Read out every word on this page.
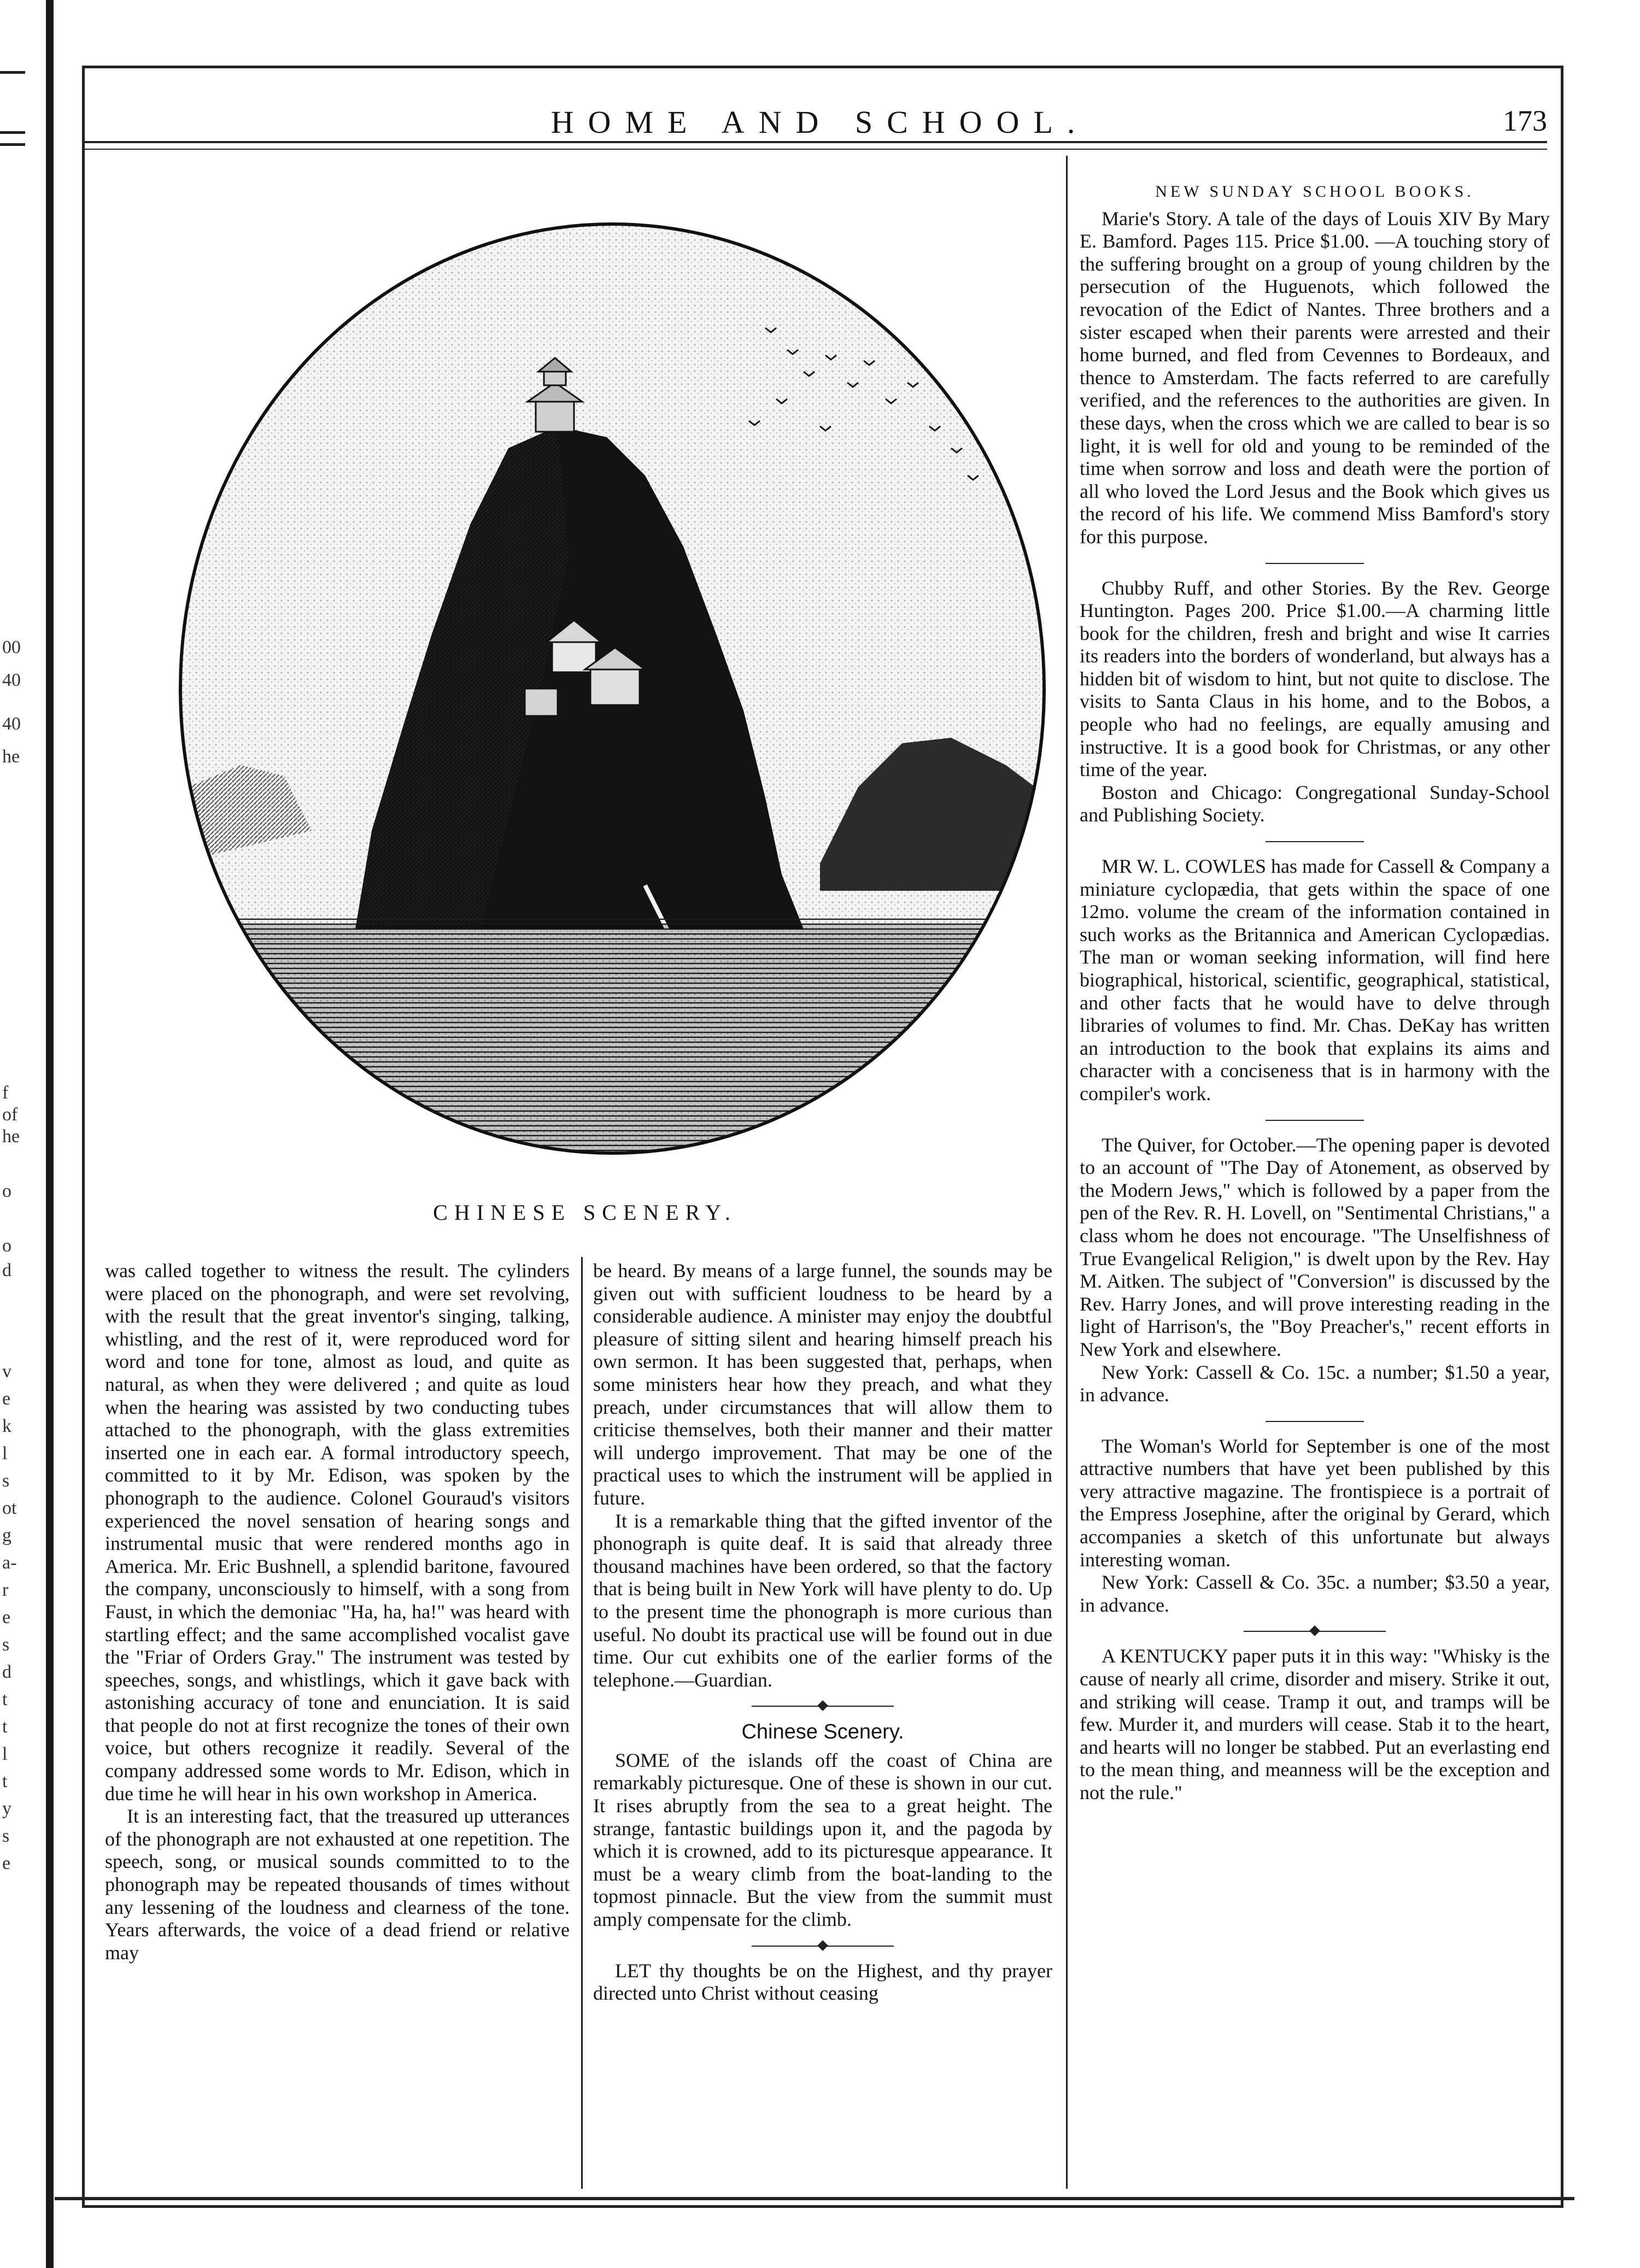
00
40
40
he
f
of
he
o
o
d
v
e
k
l
s
ot
g
a-
r
e
s
d
t
t
l
t
y
s
e
HOME AND SCHOOL.	173
CHINESE SCENERY.

was called together to witness the result. The cylinders were placed on the phonograph, and were set revolving, with the result that the great inventor's singing, talking, whistling, and the rest of it, were reproduced word for word and tone for tone, almost as loud, and quite as natural, as when they were delivered ; and quite as loud when the hearing was assisted by two conducting tubes attached to the phonograph, with the glass extremities inserted one in each ear. A formal introductory speech, committed to it by Mr. Edison, was spoken by the phonograph to the audience. Colonel Gouraud's visitors experienced the novel sensation of hearing songs and instrumental music that were rendered months ago in America. Mr. Eric Bushnell, a splendid baritone, favoured the company, unconsciously to himself, with a song from Faust, in which the demoniac "Ha, ha, ha!" was heard with startling effect; and the same accomplished vocalist gave the "Friar of Orders Gray." The instrument was tested by speeches, songs, and whistlings, which it gave back with astonishing accuracy of tone and enunciation. It is said that people do not at first recognize the tones of their own voice, but others recognize it readily. Several of the company addressed some words to Mr. Edison, which in due time he will hear in his own workshop in America.

It is an interesting fact, that the treasured up utterances of the phonograph are not exhausted at one repetition. The speech, song, or musical sounds committed to to the phonograph may be repeated thousands of times without any lessening of the loudness and clearness of the tone. Years afterwards, the voice of a dead friend or relative may

be heard. By means of a large funnel, the sounds may be given out with sufficient loudness to be heard by a considerable audience. A minister may enjoy the doubtful pleasure of sitting silent and hearing himself preach his own sermon. It has been suggested that, perhaps, when some ministers hear how they preach, and what they preach, under circumstances that will allow them to criticise themselves, both their manner and their matter will undergo improvement. That may be one of the practical uses to which the instrument will be applied in future.

It is a remarkable thing that the gifted inventor of the phonograph is quite deaf. It is said that already three thousand machines have been ordered, so that the factory that is being built in New York will have plenty to do. Up to the present time the phonograph is more curious than useful. No doubt its practical use will be found out in due time. Our cut exhibits one of the earlier forms of the telephone.—Guardian.

Chinese Scenery.

SOME of the islands off the coast of China are remarkably picturesque. One of these is shown in our cut. It rises abruptly from the sea to a great height. The strange, fantastic buildings upon it, and the pagoda by which it is crowned, add to its picturesque appearance. It must be a weary climb from the boat-landing to the topmost pinnacle. But the view from the summit must amply compensate for the climb.

LET thy thoughts be on the Highest, and thy prayer directed unto Christ without ceasing

NEW SUNDAY SCHOOL BOOKS.

Marie's Story. A tale of the days of Louis XIV By Mary E. Bamford. Pages 115. Price $1.00. —A touching story of the suffering brought on a group of young children by the persecution of the Huguenots, which followed the revocation of the Edict of Nantes. Three brothers and a sister escaped when their parents were arrested and their home burned, and fled from Cevennes to Bordeaux, and thence to Amsterdam. The facts referred to are carefully verified, and the references to the authorities are given. In these days, when the cross which we are called to bear is so light, it is well for old and young to be reminded of the time when sorrow and loss and death were the portion of all who loved the Lord Jesus and the Book which gives us the record of his life. We commend Miss Bamford's story for this purpose.

Chubby Ruff, and other Stories. By the Rev. George Huntington. Pages 200. Price $1.00.—A charming little book for the children, fresh and bright and wise It carries its readers into the borders of wonderland, but always has a hidden bit of wisdom to hint, but not quite to disclose. The visits to Santa Claus in his home, and to the Bobos, a people who had no feelings, are equally amusing and instructive. It is a good book for Christmas, or any other time of the year.

Boston and Chicago: Congregational Sunday-School and Publishing Society.

MR W. L. COWLES has made for Cassell & Company a miniature cyclopædia, that gets within the space of one 12mo. volume the cream of the information contained in such works as the Britannica and American Cyclopædias. The man or woman seeking information, will find here biographical, historical, scientific, geographical, statistical, and other facts that he would have to delve through libraries of volumes to find. Mr. Chas. DeKay has written an introduction to the book that explains its aims and character with a conciseness that is in harmony with the compiler's work.

The Quiver, for October.—The opening paper is devoted to an account of "The Day of Atonement, as observed by the Modern Jews," which is followed by a paper from the pen of the Rev. R. H. Lovell, on "Sentimental Christians," a class whom he does not encourage. "The Unselfishness of True Evangelical Religion," is dwelt upon by the Rev. Hay M. Aitken. The subject of "Conversion" is discussed by the Rev. Harry Jones, and will prove interesting reading in the light of Harrison's, the "Boy Preacher's," recent efforts in New York and elsewhere.

New York: Cassell & Co. 15c. a number; $1.50 a year, in advance.

The Woman's World for September is one of the most attractive numbers that have yet been published by this very attractive magazine. The frontispiece is a portrait of the Empress Josephine, after the original by Gerard, which accompanies a sketch of this unfortunate but always interesting woman.

New York: Cassell & Co. 35c. a number; $3.50 a year, in advance.

A KENTUCKY paper puts it in this way: "Whisky is the cause of nearly all crime, disorder and misery. Strike it out, and striking will cease. Tramp it out, and tramps will be few. Murder it, and murders will cease. Stab it to the heart, and hearts will no longer be stabbed. Put an everlasting end to the mean thing, and meanness will be the exception and not the rule."
